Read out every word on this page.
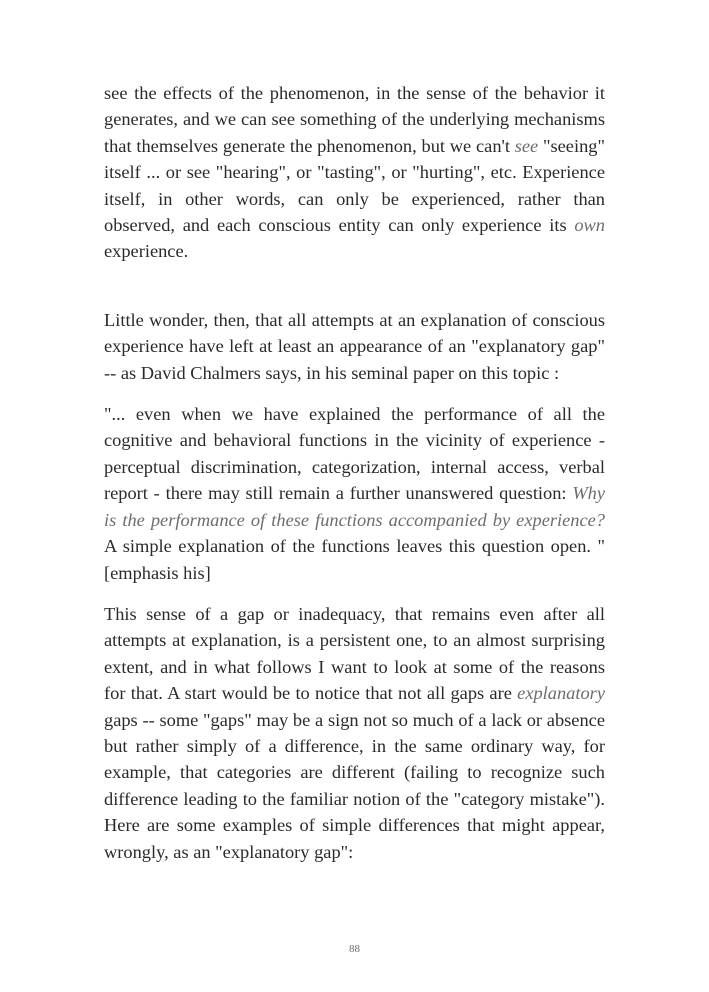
see the effects of the phenomenon, in the sense of the behavior it generates, and we can see something of the underlying mechanisms that themselves generate the phenomenon, but we can't see "seeing" itself ... or see "hearing", or "tasting", or "hurting", etc. Experience itself, in other words, can only be experienced, rather than observed, and each conscious entity can only experience its own experience.

Little wonder, then, that all attempts at an explanation of conscious experience have left at least an appearance of an "explanatory gap" -- as David Chalmers says, in his seminal paper on this topic :

"... even when we have explained the performance of all the cognitive and behavioral functions in the vicinity of experience - perceptual discrimination, categorization, internal access, verbal report - there may still remain a further unanswered question: Why is the performance of these functions accompanied by experience? A simple explanation of the functions leaves this question open. " [emphasis his]

This sense of a gap or inadequacy, that remains even after all attempts at explanation, is a persistent one, to an almost surprising extent, and in what follows I want to look at some of the reasons for that. A start would be to notice that not all gaps are explanatory gaps -- some "gaps" may be a sign not so much of a lack or absence but rather simply of a difference, in the same ordinary way, for example, that categories are different (failing to recognize such difference leading to the familiar notion of the "category mistake"). Here are some examples of simple differences that might appear, wrongly, as an "explanatory gap":

88
